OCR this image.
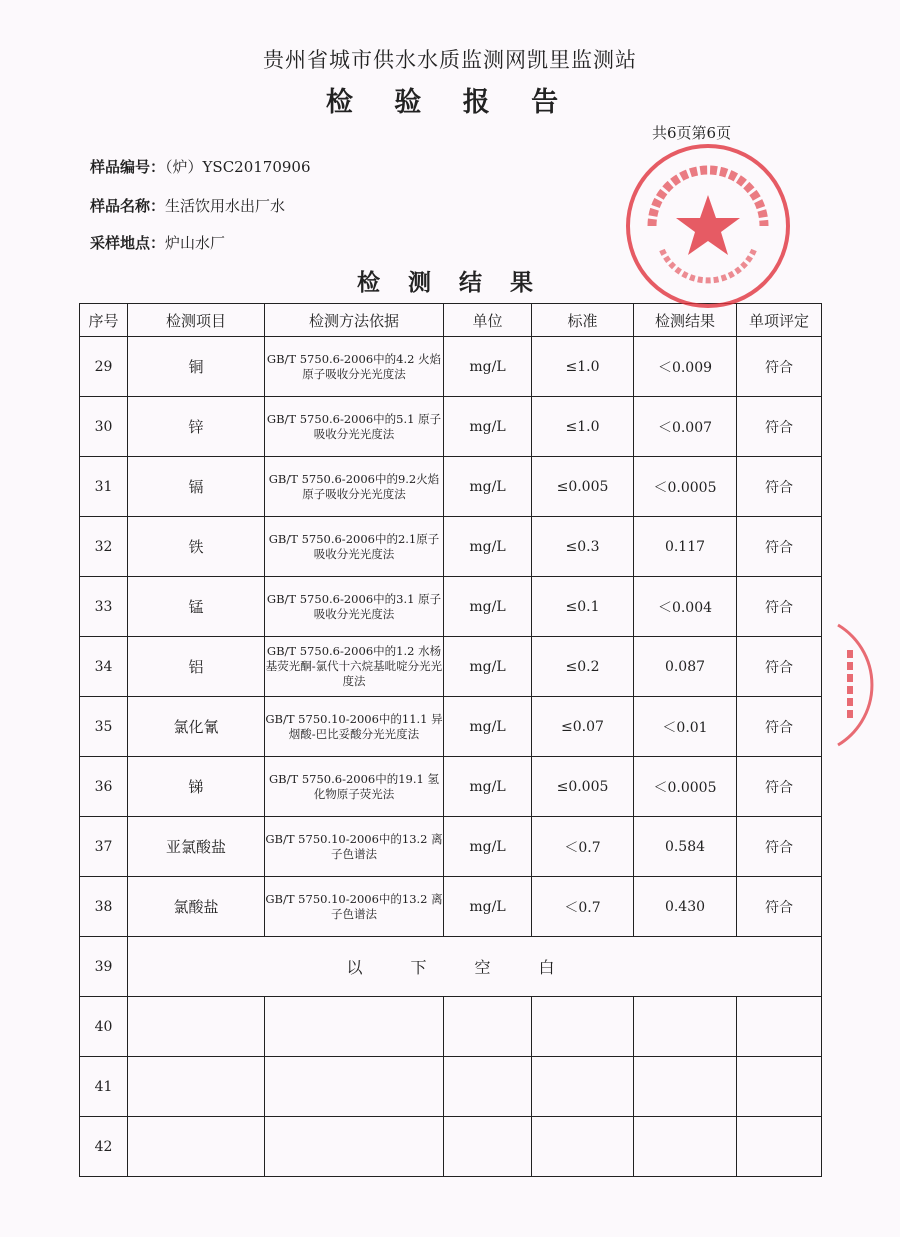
贵州省城市供水水质监测网凯里监测站
检 验 报 告
共6页第6页
样品编号：（炉）YSC20170906
样品名称：生活饮用水出厂水
采样地点：炉山水厂
检 测 结 果
序号	检测项目	检测方法依据	单位	标准	检测结果	单项评定
29	铜	GB/T 5750.6-2006中的4.2 火焰原子吸收分光光度法	mg/L	≤1.0	＜0.009	符合
30	锌	GB/T 5750.6-2006中的5.1 原子吸收分光光度法	mg/L	≤1.0	＜0.007	符合
31	镉	GB/T 5750.6-2006中的9.2火焰原子吸收分光光度法	mg/L	≤0.005	＜0.0005	符合
32	铁	GB/T 5750.6-2006中的2.1原子吸收分光光度法	mg/L	≤0.3	0.117	符合
33	锰	GB/T 5750.6-2006中的3.1 原子吸收分光光度法	mg/L	≤0.1	＜0.004	符合
34	铝	GB/T 5750.6-2006中的1.2 水杨基荧光酮-氯代十六烷基吡啶分光光度法	mg/L	≤0.2	0.087	符合
35	氯化氰	GB/T 5750.10-2006中的11.1 异烟酸-巴比妥酸分光光度法	mg/L	≤0.07	＜0.01	符合
36	锑	GB/T 5750.6-2006中的19.1 氢化物原子荧光法	mg/L	≤0.005	＜0.0005	符合
37	亚氯酸盐	GB/T 5750.10-2006中的13.2 离子色谱法	mg/L	＜0.7	0.584	符合
38	氯酸盐	GB/T 5750.10-2006中的13.2 离子色谱法	mg/L	＜0.7	0.430	符合
39	以下空白					
40						
41						
42						
